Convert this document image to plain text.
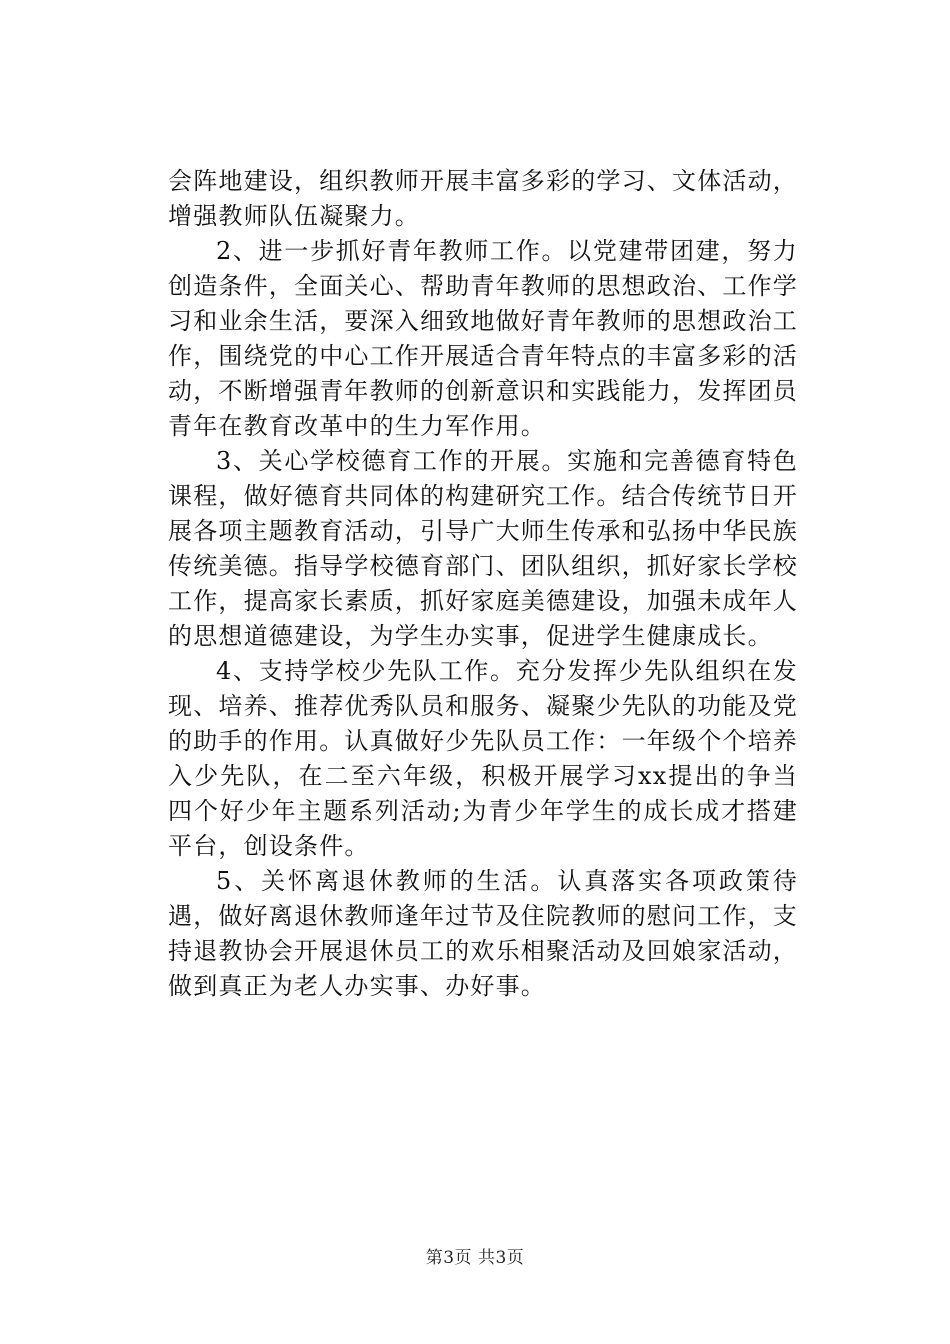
会阵地建设，组织教师开展丰富多彩的学习、文体活动，增强教师队伍凝聚力。

2、进一步抓好青年教师工作。以党建带团建，努力创造条件，全面关心、帮助青年教师的思想政治、工作学习和业余生活，要深入细致地做好青年教师的思想政治工作，围绕党的中心工作开展适合青年特点的丰富多彩的活动，不断增强青年教师的创新意识和实践能力，发挥团员青年在教育改革中的生力军作用。

3、关心学校德育工作的开展。实施和完善德育特色课程，做好德育共同体的构建研究工作。结合传统节日开展各项主题教育活动，引导广大师生传承和弘扬中华民族传统美德。指导学校德育部门、团队组织，抓好家长学校工作，提高家长素质，抓好家庭美德建设，加强未成年人的思想道德建设，为学生办实事，促进学生健康成长。

4、支持学校少先队工作。充分发挥少先队组织在发现、培养、推荐优秀队员和服务、凝聚少先队的功能及党的助手的作用。认真做好少先队员工作：一年级个个培养入少先队，在二至六年级，积极开展学习xx提出的争当四个好少年主题系列活动;为青少年学生的成长成才搭建平台，创设条件。

5、关怀离退休教师的生活。认真落实各项政策待遇，做好离退休教师逢年过节及住院教师的慰问工作，支持退教协会开展退休员工的欢乐相聚活动及回娘家活动，做到真正为老人办实事、办好事。

第3页 共3页
